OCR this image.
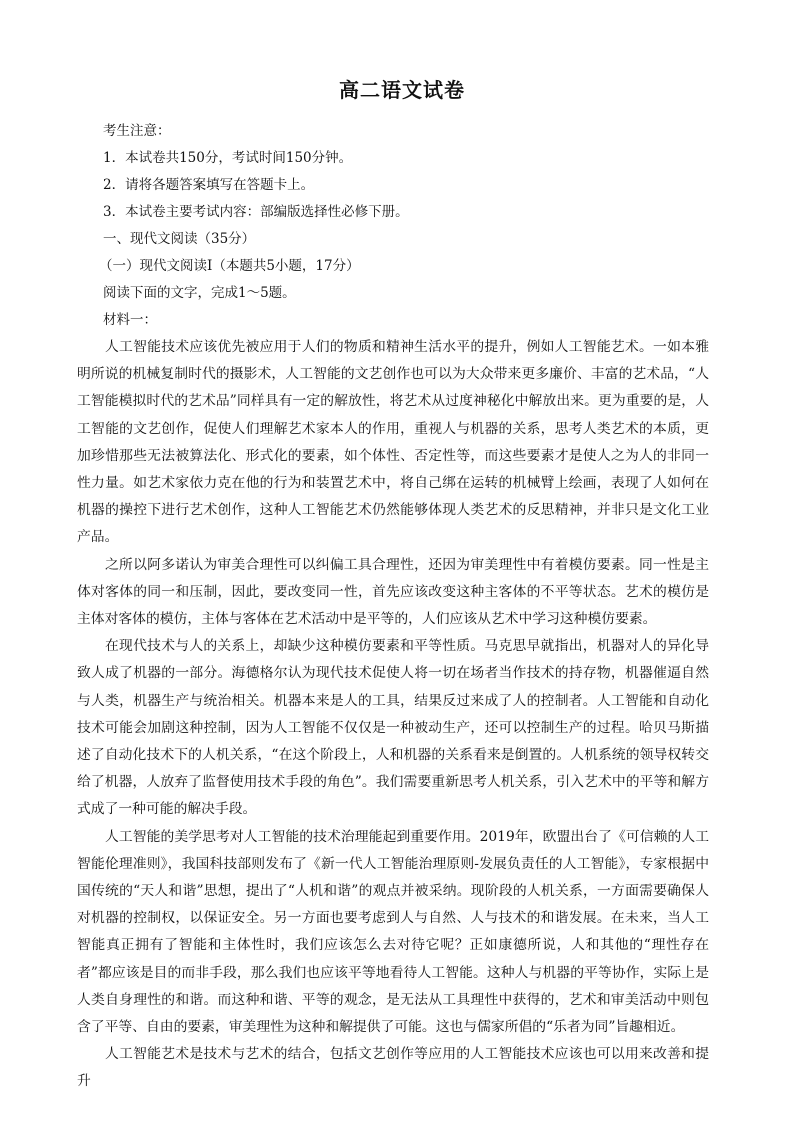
高二语文试卷

考生注意：

1．本试卷共150分，考试时间150分钟。

2．请将各题答案填写在答题卡上。

3．本试卷主要考试内容：部编版选择性必修下册。

一、现代文阅读（35分）

（一）现代文阅读Ⅰ（本题共5小题，17分）

阅读下面的文字，完成1～5题。

材料一：

人工智能技术应该优先被应用于人们的物质和精神生活水平的提升，例如人工智能艺术。一如本雅明所说的机械复制时代的摄影术，人工智能的文艺创作也可以为大众带来更多廉价、丰富的艺术品，“人工智能模拟时代的艺术品”同样具有一定的解放性，将艺术从过度神秘化中解放出来。更为重要的是，人工智能的文艺创作，促使人们理解艺术家本人的作用，重视人与机器的关系，思考人类艺术的本质，更加珍惜那些无法被算法化、形式化的要素，如个体性、否定性等，而这些要素才是使人之为人的非同一性力量。如艺术家依力克在他的行为和装置艺术中，将自己绑在运转的机械臂上绘画，表现了人如何在机器的操控下进行艺术创作，这种人工智能艺术仍然能够体现人类艺术的反思精神，并非只是文化工业产品。

之所以阿多诺认为审美合理性可以纠偏工具合理性，还因为审美理性中有着模仿要素。同一性是主体对客体的同一和压制，因此，要改变同一性，首先应该改变这种主客体的不平等状态。艺术的模仿是主体对客体的模仿，主体与客体在艺术活动中是平等的，人们应该从艺术中学习这种模仿要素。

在现代技术与人的关系上，却缺少这种模仿要素和平等性质。马克思早就指出，机器对人的异化导致人成了机器的一部分。海德格尔认为现代技术促使人将一切在场者当作技术的持存物，机器催逼自然与人类，机器生产与统治相关。机器本来是人的工具，结果反过来成了人的控制者。人工智能和自动化技术可能会加剧这种控制，因为人工智能不仅仅是一种被动生产，还可以控制生产的过程。哈贝马斯描述了自动化技术下的人机关系，“在这个阶段上，人和机器的关系看来是倒置的。人机系统的领导权转交给了机器，人放弃了监督使用技术手段的角色”。我们需要重新思考人机关系，引入艺术中的平等和解方式成了一种可能的解决手段。

人工智能的美学思考对人工智能的技术治理能起到重要作用。2019年，欧盟出台了《可信赖的人工智能伦理准则》，我国科技部则发布了《新一代人工智能治理原则-发展负责任的人工智能》，专家根据中国传统的“天人和谐”思想，提出了“人机和谐”的观点并被采纳。现阶段的人机关系，一方面需要确保人对机器的控制权，以保证安全。另一方面也要考虑到人与自然、人与技术的和谐发展。在未来，当人工智能真正拥有了智能和主体性时，我们应该怎么去对待它呢？正如康德所说，人和其他的“理性存在者”都应该是目的而非手段，那么我们也应该平等地看待人工智能。这种人与机器的平等协作，实际上是人类自身理性的和谐。而这种和谐、平等的观念，是无法从工具理性中获得的，艺术和审美活动中则包含了平等、自由的要素，审美理性为这种和解提供了可能。这也与儒家所倡的“乐者为同”旨趣相近。

人工智能艺术是技术与艺术的结合，包括文艺创作等应用的人工智能技术应该也可以用来改善和提升
